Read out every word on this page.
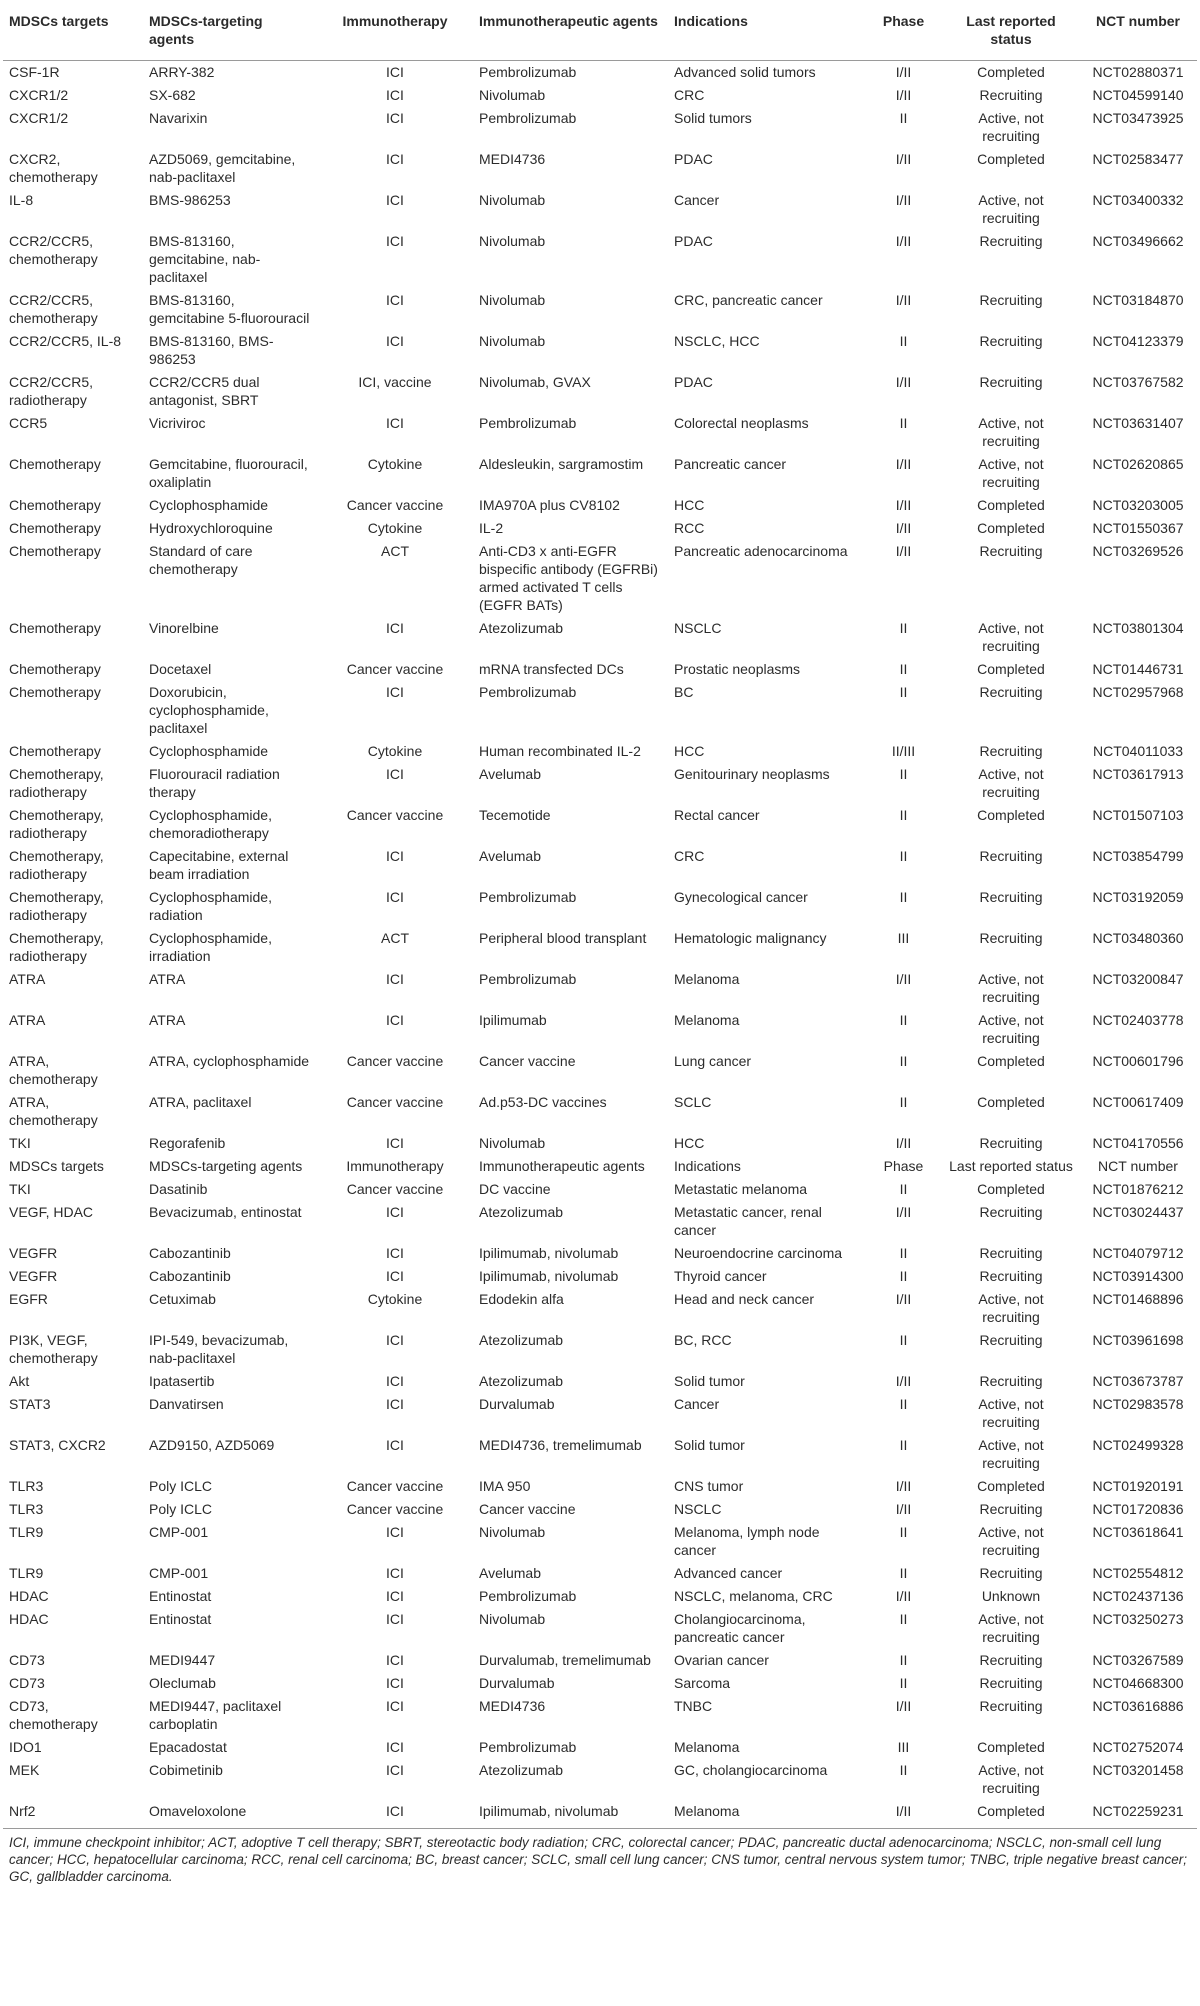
MDSCs targets	MDSCs-targeting agents	Immunotherapy	Immunotherapeutic agents	Indications	Phase	Last reported status	NCT number
CSF-1R	ARRY-382	ICI	Pembrolizumab	Advanced solid tumors	I/II	Completed	NCT02880371
CXCR1/2	SX-682	ICI	Nivolumab	CRC	I/II	Recruiting	NCT04599140
CXCR1/2	Navarixin	ICI	Pembrolizumab	Solid tumors	II	Active, not recruiting	NCT03473925
CXCR2, chemotherapy	AZD5069, gemcitabine, nab-paclitaxel	ICI	MEDI4736	PDAC	I/II	Completed	NCT02583477
IL-8	BMS-986253	ICI	Nivolumab	Cancer	I/II	Active, not recruiting	NCT03400332
CCR2/CCR5, chemotherapy	BMS-813160, gemcitabine, nab-paclitaxel	ICI	Nivolumab	PDAC	I/II	Recruiting	NCT03496662
CCR2/CCR5, chemotherapy	BMS-813160, gemcitabine 5-fluorouracil	ICI	Nivolumab	CRC, pancreatic cancer	I/II	Recruiting	NCT03184870
CCR2/CCR5, IL-8	BMS-813160, BMS-986253	ICI	Nivolumab	NSCLC, HCC	II	Recruiting	NCT04123379
CCR2/CCR5, radiotherapy	CCR2/CCR5 dual antagonist, SBRT	ICI, vaccine	Nivolumab, GVAX	PDAC	I/II	Recruiting	NCT03767582
CCR5	Vicriviroc	ICI	Pembrolizumab	Colorectal neoplasms	II	Active, not recruiting	NCT03631407
Chemotherapy	Gemcitabine, fluorouracil, oxaliplatin	Cytokine	Aldesleukin, sargramostim	Pancreatic cancer	I/II	Active, not recruiting	NCT02620865
Chemotherapy	Cyclophosphamide	Cancer vaccine	IMA970A plus CV8102	HCC	I/II	Completed	NCT03203005
Chemotherapy	Hydroxychloroquine	Cytokine	IL-2	RCC	I/II	Completed	NCT01550367
Chemotherapy	Standard of care chemotherapy	ACT	Anti-CD3 x anti-EGFR bispecific antibody (EGFRBi) armed activated T cells (EGFR BATs)	Pancreatic adenocarcinoma	I/II	Recruiting	NCT03269526
Chemotherapy	Vinorelbine	ICI	Atezolizumab	NSCLC	II	Active, not recruiting	NCT03801304
Chemotherapy	Docetaxel	Cancer vaccine	mRNA transfected DCs	Prostatic neoplasms	II	Completed	NCT01446731
Chemotherapy	Doxorubicin, cyclophosphamide, paclitaxel	ICI	Pembrolizumab	BC	II	Recruiting	NCT02957968
Chemotherapy	Cyclophosphamide	Cytokine	Human recombinated IL-2	HCC	II/III	Recruiting	NCT04011033
Chemotherapy, radiotherapy	Fluorouracil radiation therapy	ICI	Avelumab	Genitourinary neoplasms	II	Active, not recruiting	NCT03617913
Chemotherapy, radiotherapy	Cyclophosphamide, chemoradiotherapy	Cancer vaccine	Tecemotide	Rectal cancer	II	Completed	NCT01507103
Chemotherapy, radiotherapy	Capecitabine, external beam irradiation	ICI	Avelumab	CRC	II	Recruiting	NCT03854799
Chemotherapy, radiotherapy	Cyclophosphamide, radiation	ICI	Pembrolizumab	Gynecological cancer	II	Recruiting	NCT03192059
Chemotherapy, radiotherapy	Cyclophosphamide, irradiation	ACT	Peripheral blood transplant	Hematologic malignancy	III	Recruiting	NCT03480360
ATRA	ATRA	ICI	Pembrolizumab	Melanoma	I/II	Active, not recruiting	NCT03200847
ATRA	ATRA	ICI	Ipilimumab	Melanoma	II	Active, not recruiting	NCT02403778
ATRA, chemotherapy	ATRA, cyclophosphamide	Cancer vaccine	Cancer vaccine	Lung cancer	II	Completed	NCT00601796
ATRA, chemotherapy	ATRA, paclitaxel	Cancer vaccine	Ad.p53-DC vaccines	SCLC	II	Completed	NCT00617409
TKI	Regorafenib	ICI	Nivolumab	HCC	I/II	Recruiting	NCT04170556
MDSCs targets	MDSCs-targeting agents	Immunotherapy	Immunotherapeutic agents	Indications	Phase	Last reported status	NCT number
TKI	Dasatinib	Cancer vaccine	DC vaccine	Metastatic melanoma	II	Completed	NCT01876212
VEGF, HDAC	Bevacizumab, entinostat	ICI	Atezolizumab	Metastatic cancer, renal cancer	I/II	Recruiting	NCT03024437
VEGFR	Cabozantinib	ICI	Ipilimumab, nivolumab	Neuroendocrine carcinoma	II	Recruiting	NCT04079712
VEGFR	Cabozantinib	ICI	Ipilimumab, nivolumab	Thyroid cancer	II	Recruiting	NCT03914300
EGFR	Cetuximab	Cytokine	Edodekin alfa	Head and neck cancer	I/II	Active, not recruiting	NCT01468896
PI3K, VEGF, chemotherapy	IPI-549, bevacizumab, nab-paclitaxel	ICI	Atezolizumab	BC, RCC	II	Recruiting	NCT03961698
Akt	Ipatasertib	ICI	Atezolizumab	Solid tumor	I/II	Recruiting	NCT03673787
STAT3	Danvatirsen	ICI	Durvalumab	Cancer	II	Active, not recruiting	NCT02983578
STAT3, CXCR2	AZD9150, AZD5069	ICI	MEDI4736, tremelimumab	Solid tumor	II	Active, not recruiting	NCT02499328
TLR3	Poly ICLC	Cancer vaccine	IMA 950	CNS tumor	I/II	Completed	NCT01920191
TLR3	Poly ICLC	Cancer vaccine	Cancer vaccine	NSCLC	I/II	Recruiting	NCT01720836
TLR9	CMP-001	ICI	Nivolumab	Melanoma, lymph node cancer	II	Active, not recruiting	NCT03618641
TLR9	CMP-001	ICI	Avelumab	Advanced cancer	II	Recruiting	NCT02554812
HDAC	Entinostat	ICI	Pembrolizumab	NSCLC, melanoma, CRC	I/II	Unknown	NCT02437136
HDAC	Entinostat	ICI	Nivolumab	Cholangiocarcinoma, pancreatic cancer	II	Active, not recruiting	NCT03250273
CD73	MEDI9447	ICI	Durvalumab, tremelimumab	Ovarian cancer	II	Recruiting	NCT03267589
CD73	Oleclumab	ICI	Durvalumab	Sarcoma	II	Recruiting	NCT04668300
CD73, chemotherapy	MEDI9447, paclitaxel carboplatin	ICI	MEDI4736	TNBC	I/II	Recruiting	NCT03616886
IDO1	Epacadostat	ICI	Pembrolizumab	Melanoma	III	Completed	NCT02752074
MEK	Cobimetinib	ICI	Atezolizumab	GC, cholangiocarcinoma	II	Active, not recruiting	NCT03201458
Nrf2	Omaveloxolone	ICI	Ipilimumab, nivolumab	Melanoma	I/II	Completed	NCT02259231
ICI, immune checkpoint inhibitor; ACT, adoptive T cell therapy; SBRT, stereotactic body radiation; CRC, colorectal cancer; PDAC, pancreatic ductal adenocarcinoma; NSCLC, non-small cell lung cancer; HCC, hepatocellular carcinoma; RCC, renal cell carcinoma; BC, breast cancer; SCLC, small cell lung cancer; CNS tumor, central nervous system tumor; TNBC, triple negative breast cancer; GC, gallbladder carcinoma.
